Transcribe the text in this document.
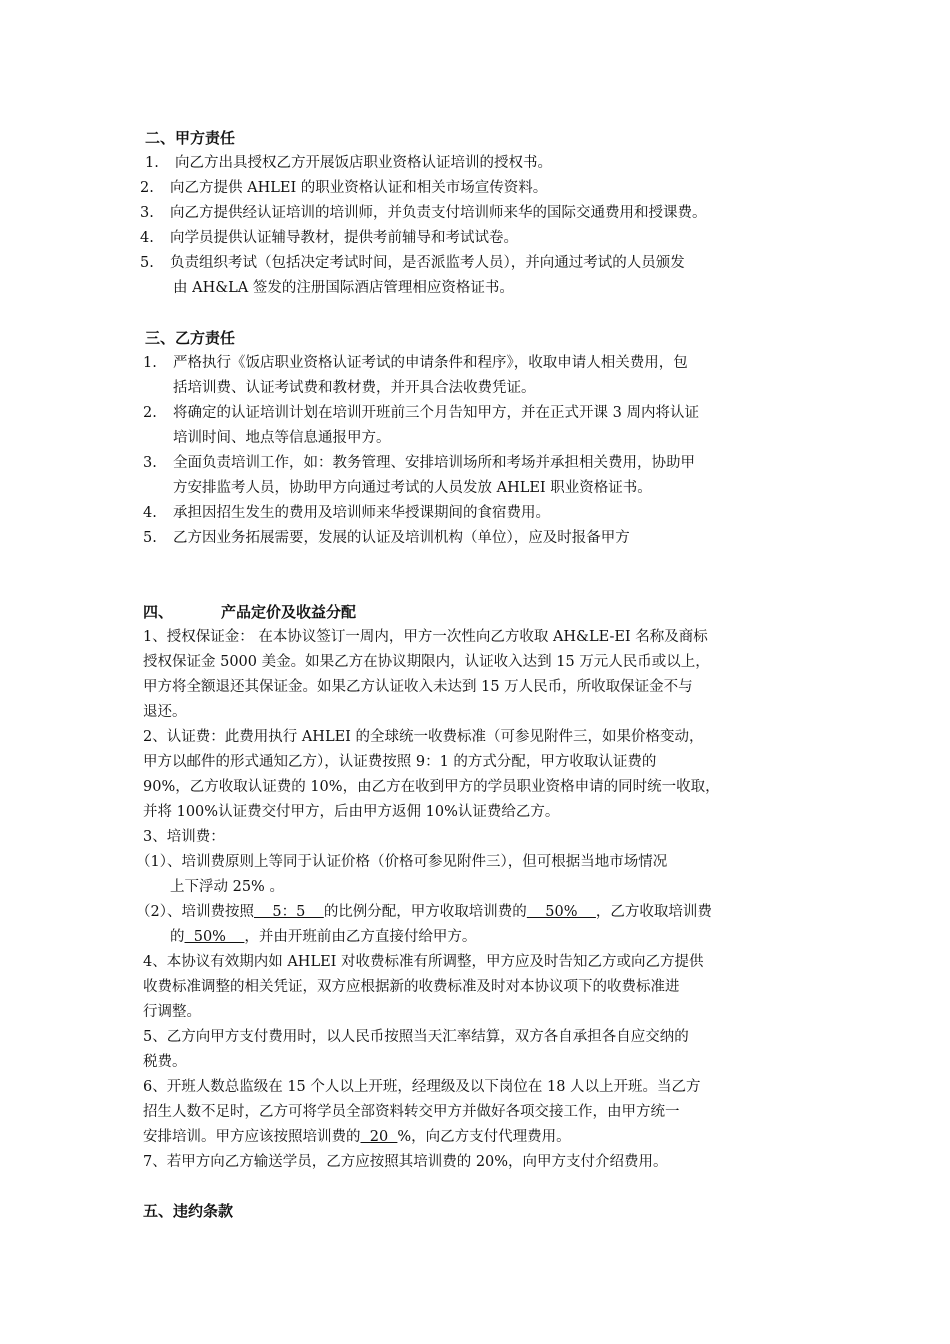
二、甲方责任
1. 向乙方出具授权乙方开展饭店职业资格认证培训的授权书。
2. 向乙方提供 AHLEI 的职业资格认证和相关市场宣传资料。
3. 向乙方提供经认证培训的培训师，并负责支付培训师来华的国际交通费用和授课费。
4. 向学员提供认证辅导教材，提供考前辅导和考试试卷。
5. 负责组织考试（包括决定考试时间，是否派监考人员），并向通过考试的人员颁发
由 AH&LA 签发的注册国际酒店管理相应资格证书。
三、乙方责任
1. 严格执行《饭店职业资格认证考试的申请条件和程序》，收取申请人相关费用，包
括培训费、认证考试费和教材费，并开具合法收费凭证。
2. 将确定的认证培训计划在培训开班前三个月告知甲方，并在正式开课 3 周内将认证
培训时间、地点等信息通报甲方。
3. 全面负责培训工作，如：教务管理、安排培训场所和考场并承担相关费用，协助甲
方安排监考人员，协助甲方向通过考试的人员发放 AHLEI 职业资格证书。
4. 承担因招生发生的费用及培训师来华授课期间的食宿费用。
5. 乙方因业务拓展需要，发展的认证及培训机构（单位），应及时报备甲方
四、	产品定价及收益分配
1、授权保证金： 在本协议签订一周内，甲方一次性向乙方收取 AH&LE-EI 名称及商标
授权保证金 5000 美金。如果乙方在协议期限内，认证收入达到 15 万元人民币或以上，
甲方将全额退还其保证金。如果乙方认证收入未达到 15 万人民币，所收取保证金不与
退还。
2、认证费：此费用执行 AHLEI 的全球统一收费标准（可参见附件三，如果价格变动，
甲方以邮件的形式通知乙方），认证费按照 9：1 的方式分配，甲方收取认证费的
90%，乙方收取认证费的 10%，由乙方在收到甲方的学员职业资格申请的同时统一收取，
并将 100%认证费交付甲方，后由甲方返佣 10%认证费给乙方。
3、培训费：
（1）、培训费原则上等同于认证价格（价格可参见附件三），但可根据当地市场情况
上下浮动 25% 。
（2）、培训费按照    5：5    的比例分配，甲方收取培训费的    50%    ，乙方收取培训费
的  50%    ，并由开班前由乙方直接付给甲方。
4、本协议有效期内如 AHLEI 对收费标准有所调整，甲方应及时告知乙方或向乙方提供
收费标准调整的相关凭证，双方应根据新的收费标准及时对本协议项下的收费标准进
行调整。
5、乙方向甲方支付费用时，以人民币按照当天汇率结算，双方各自承担各自应交纳的
税费。
6、开班人数总监级在 15 个人以上开班，经理级及以下岗位在 18 人以上开班。当乙方
招生人数不足时，乙方可将学员全部资料转交甲方并做好各项交接工作，由甲方统一
安排培训。甲方应该按照培训费的  20  %，向乙方支付代理费用。
7、若甲方向乙方输送学员，乙方应按照其培训费的 20%，向甲方支付介绍费用。
五、违约条款
